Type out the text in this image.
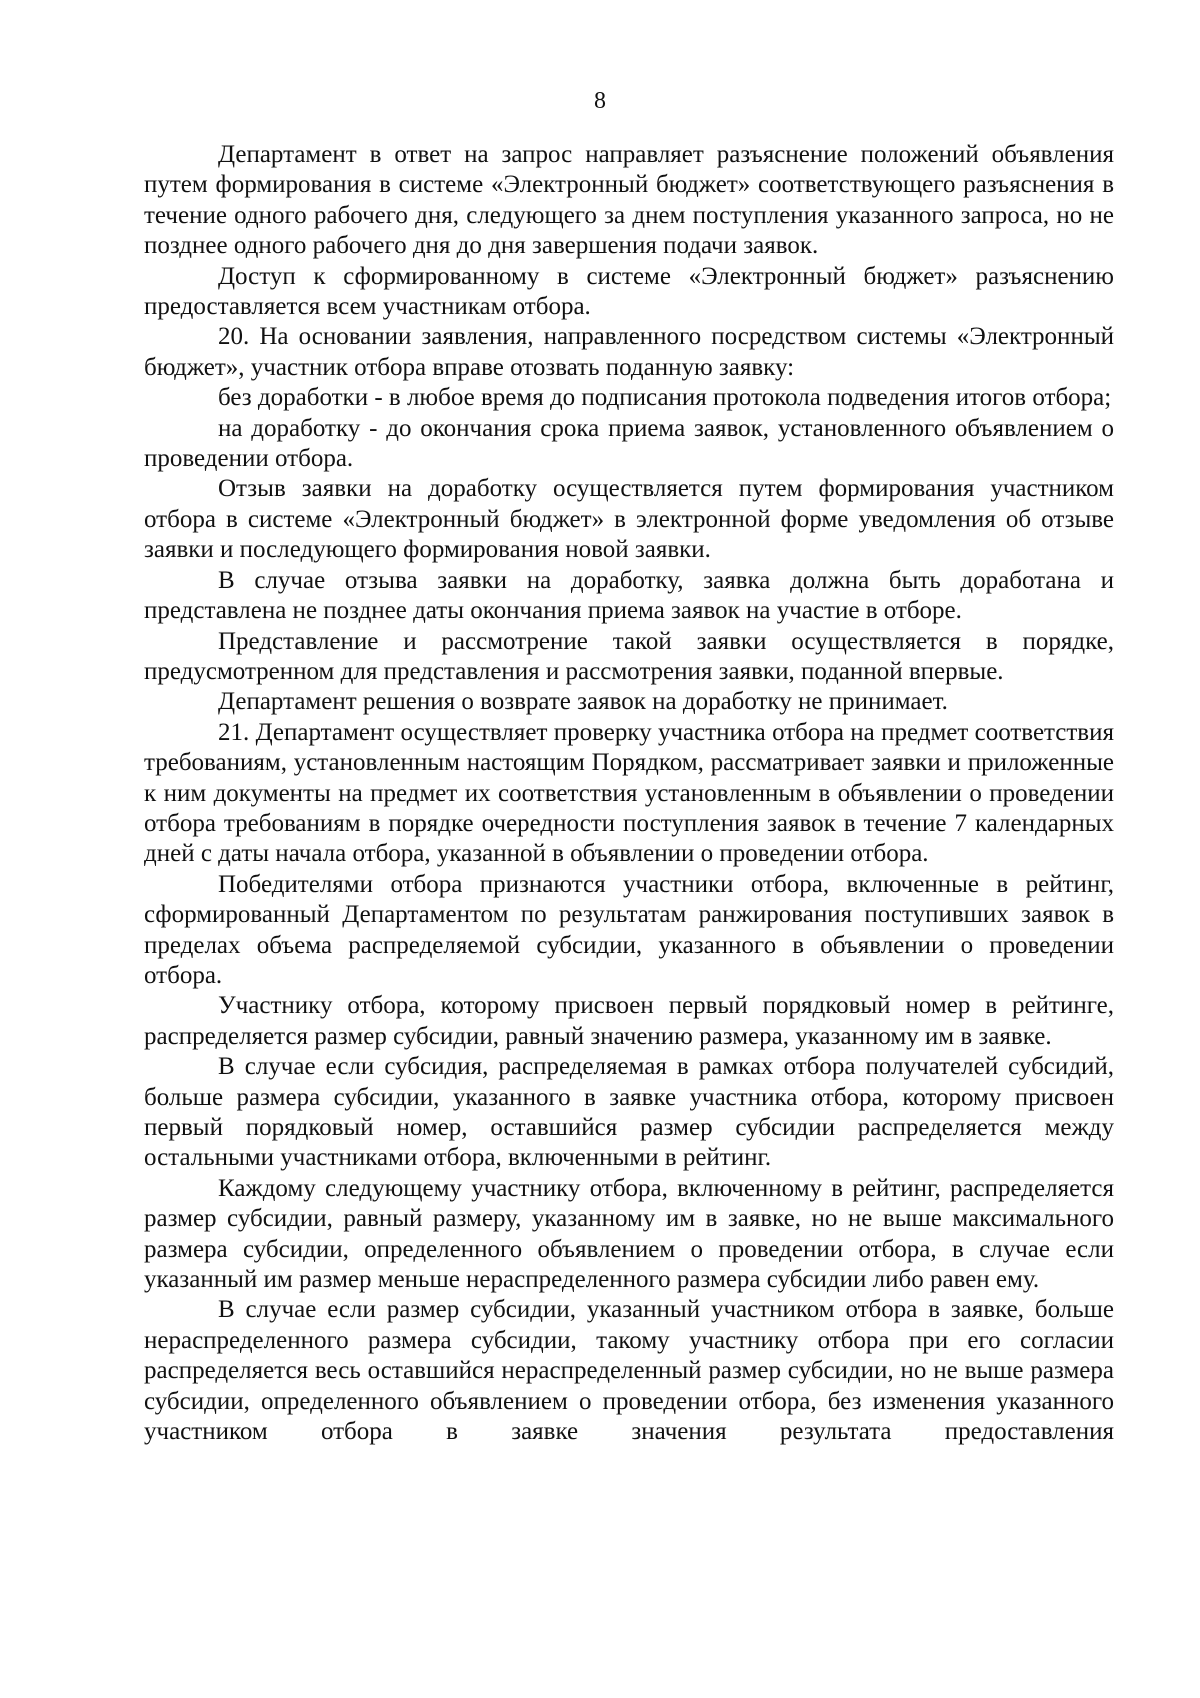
8

Департамент в ответ на запрос направляет разъяснение положений объявления путем формирования в системе «Электронный бюджет» соответствующего разъяснения в течение одного рабочего дня, следующего за днем поступления указанного запроса, но не позднее одного рабочего дня до дня завершения подачи заявок.

Доступ к сформированному в системе «Электронный бюджет» разъяснению предоставляется всем участникам отбора.

20. На основании заявления, направленного посредством системы «Электронный бюджет», участник отбора вправе отозвать поданную заявку:

без доработки - в любое время до подписания протокола подведения итогов отбора;

на доработку - до окончания срока приема заявок, установленного объявлением о проведении отбора.

Отзыв заявки на доработку осуществляется путем формирования участником отбора в системе «Электронный бюджет» в электронной форме уведомления об отзыве заявки и последующего формирования новой заявки.

В случае отзыва заявки на доработку, заявка должна быть доработана и представлена не позднее даты окончания приема заявок на участие в отборе.

Представление и рассмотрение такой заявки осуществляется в порядке, предусмотренном для представления и рассмотрения заявки, поданной впервые.

Департамент решения о возврате заявок на доработку не принимает.

21. Департамент осуществляет проверку участника отбора на предмет соответствия требованиям, установленным настоящим Порядком, рассматривает заявки и приложенные к ним документы на предмет их соответствия установленным в объявлении о проведении отбора требованиям в порядке очередности поступления заявок в течение 7 календарных дней с даты начала отбора, указанной в объявлении о проведении отбора.

Победителями отбора признаются участники отбора, включенные в рейтинг, сформированный Департаментом по результатам ранжирования поступивших заявок в пределах объема распределяемой субсидии, указанного в объявлении о проведении отбора.

Участнику отбора, которому присвоен первый порядковый номер в рейтинге, распределяется размер субсидии, равный значению размера, указанному им в заявке.

В случае если субсидия, распределяемая в рамках отбора получателей субсидий, больше размера субсидии, указанного в заявке участника отбора, которому присвоен первый порядковый номер, оставшийся размер субсидии распределяется между остальными участниками отбора, включенными в рейтинг.

Каждому следующему участнику отбора, включенному в рейтинг, распределяется размер субсидии, равный размеру, указанному им в заявке, но не выше максимального размера субсидии, определенного объявлением о проведении отбора, в случае если указанный им размер меньше нераспределенного размера субсидии либо равен ему.

В случае если размер субсидии, указанный участником отбора в заявке, больше нераспределенного размера субсидии, такому участнику отбора при его согласии распределяется весь оставшийся нераспределенный размер субсидии, но не выше размера субсидии, определенного объявлением о проведении отбора, без изменения указанного участником отбора в заявке значения результата предоставления
